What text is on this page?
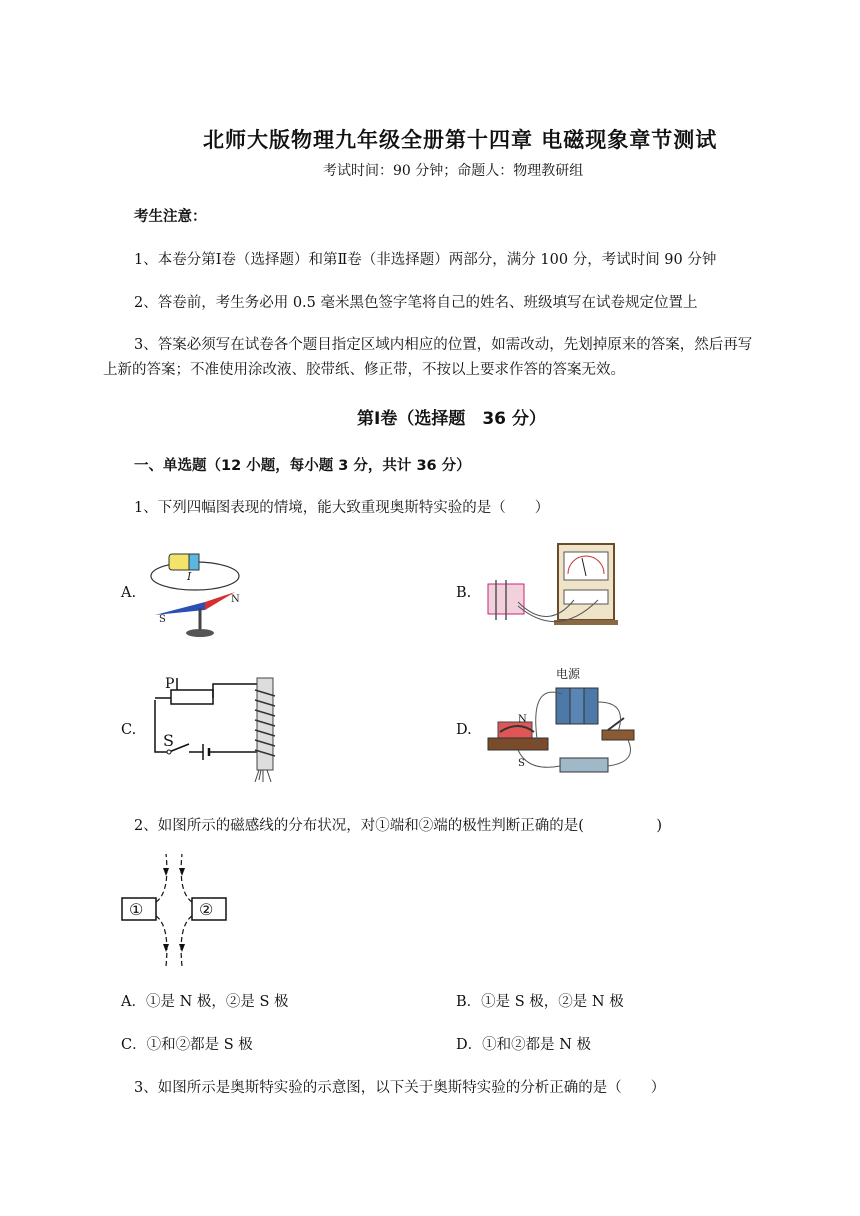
北师大版物理九年级全册第十四章 电磁现象章节测试
考试时间：90 分钟；命题人：物理教研组
考生注意：
1、本卷分第Ⅰ卷（选择题）和第Ⅱ卷（非选择题）两部分，满分 100 分，考试时间 90 分钟
2、答卷前，考生务必用 0.5 毫米黑色签字笔将自己的姓名、班级填写在试卷规定位置上
3、答案必须写在试卷各个题目指定区域内相应的位置，如需改动，先划掉原来的答案，然后再写
上新的答案；不准使用涂改液、胶带纸、修正带，不按以上要求作答的答案无效。
第Ⅰ卷（选择题　36 分）
一、单选题（12 小题，每小题 3 分，共计 36 分）
1、下列四幅图表现的情境，能大致重现奥斯特实验的是（　　）
A.
I
S
N	B.
C.
P
S
D.
电源
N
S
2、如图所示的磁感线的分布状况，对①端和②端的极性判断正确的是(　　　　　)
①	②
A．①是 N 极，②是 S 极	B．①是 S 极，②是 N 极
C．①和②都是 S 极	D．①和②都是 N 极
3、如图所示是奥斯特实验的示意图，以下关于奥斯特实验的分析正确的是（　　）
